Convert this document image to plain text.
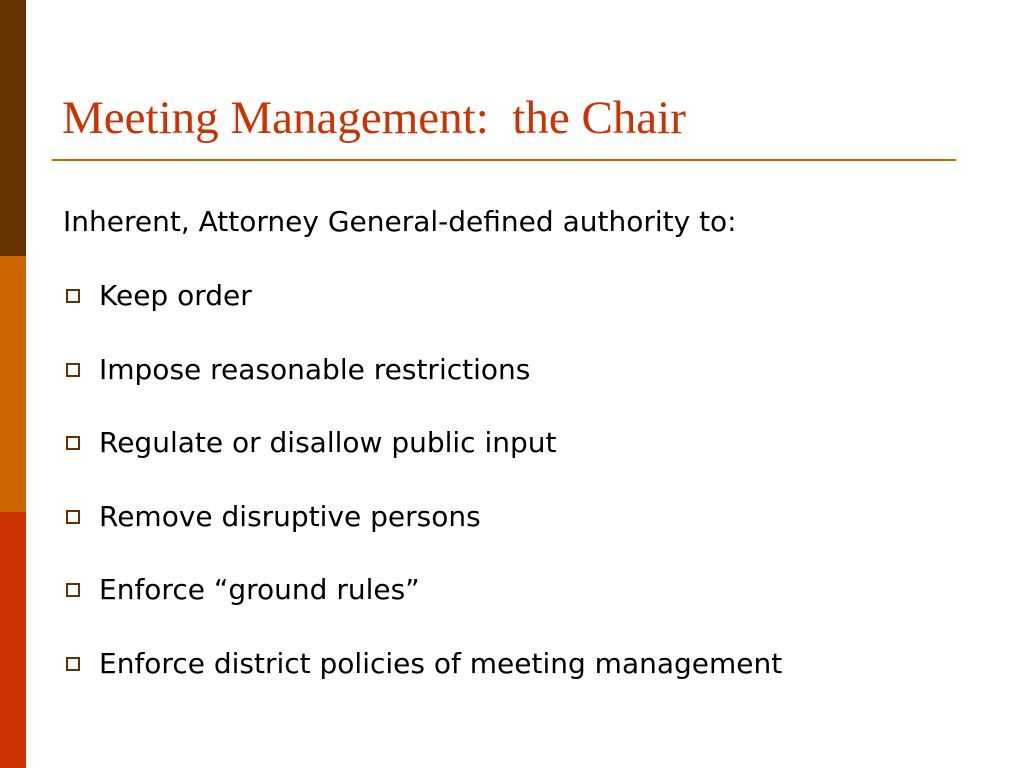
Meeting Management:  the Chair

Inherent, Attorney General-defined authority to:

Keep order
Impose reasonable restrictions
Regulate or disallow public input
Remove disruptive persons
Enforce “ground rules”
Enforce district policies of meeting management
